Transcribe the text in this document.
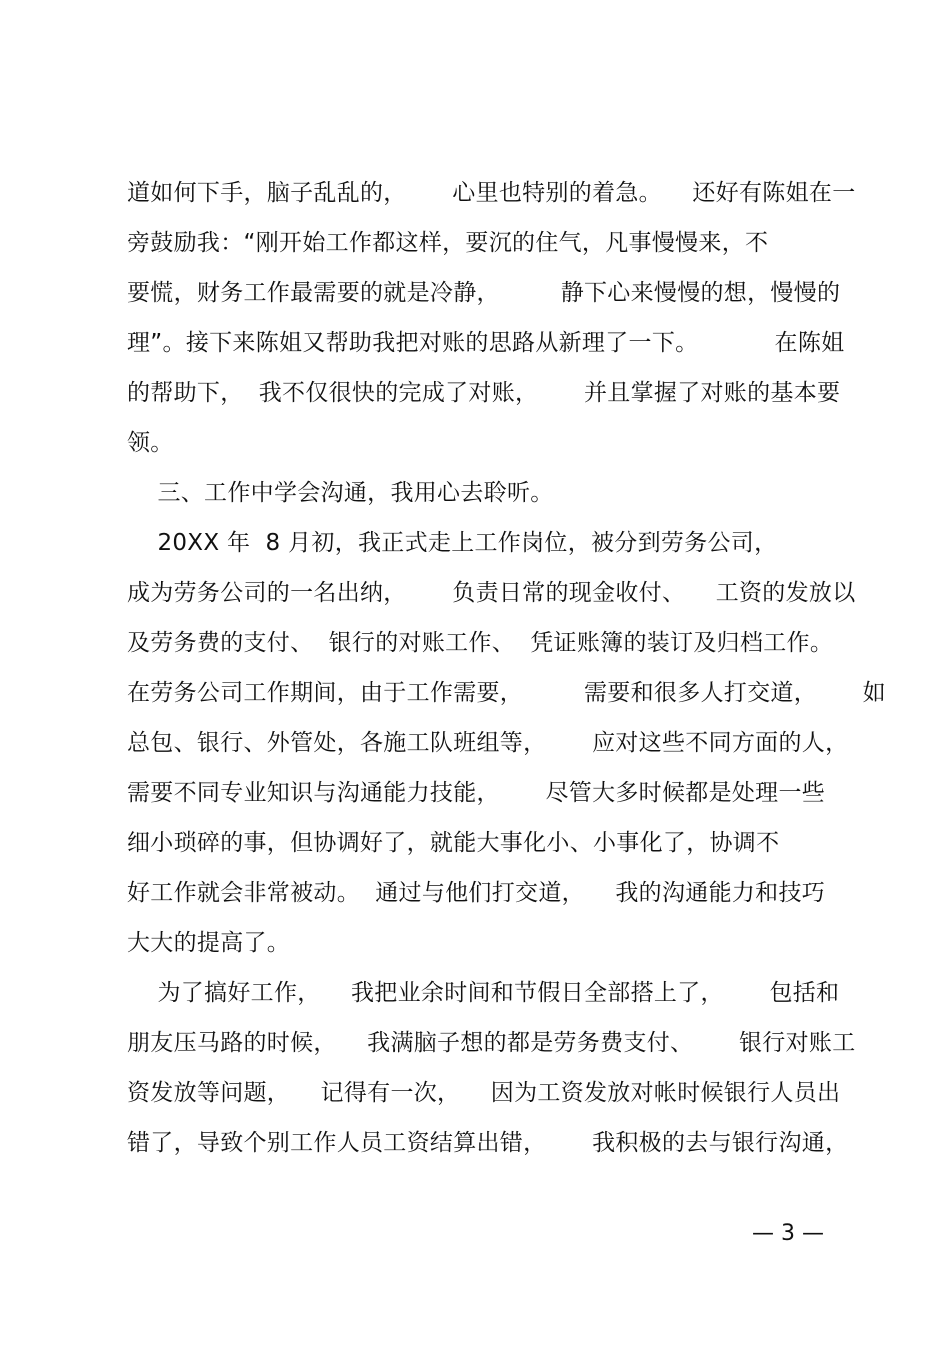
道如何下手，脑子乱乱的，      心里也特别的着急。    还好有陈姐在一
旁鼓励我：“刚开始工作都这样，要沉的住气，凡事慢慢来，不
要慌，财务工作最需要的就是冷静，        静下心来慢慢的想，慢慢的
理”。接下来陈姐又帮助我把对账的思路从新理了一下。          在陈姐
的帮助下，  我不仅很快的完成了对账，      并且掌握了对账的基本要
领。
三、工作中学会沟通，我用心去聆听。
20XX 年  8 月初，我正式走上工作岗位，被分到劳务公司，
成为劳务公司的一名出纳，      负责日常的现金收付、    工资的发放以
及劳务费的支付、  银行的对账工作、  凭证账簿的装订及归档工作。
在劳务公司工作期间，由于工作需要，        需要和很多人打交道，      如
总包、银行、外管处，各施工队班组等，      应对这些不同方面的人，
需要不同专业知识与沟通能力技能，      尽管大多时候都是处理一些
细小琐碎的事，但协调好了，就能大事化小、小事化了，协调不
好工作就会非常被动。  通过与他们打交道，    我的沟通能力和技巧
大大的提高了。
为了搞好工作，    我把业余时间和节假日全部搭上了，      包括和
朋友压马路的时候，    我满脑子想的都是劳务费支付、      银行对账工
资发放等问题，    记得有一次，    因为工资发放对帐时候银行人员出
错了，导致个别工作人员工资结算出错，      我积极的去与银行沟通，
— 3 —
